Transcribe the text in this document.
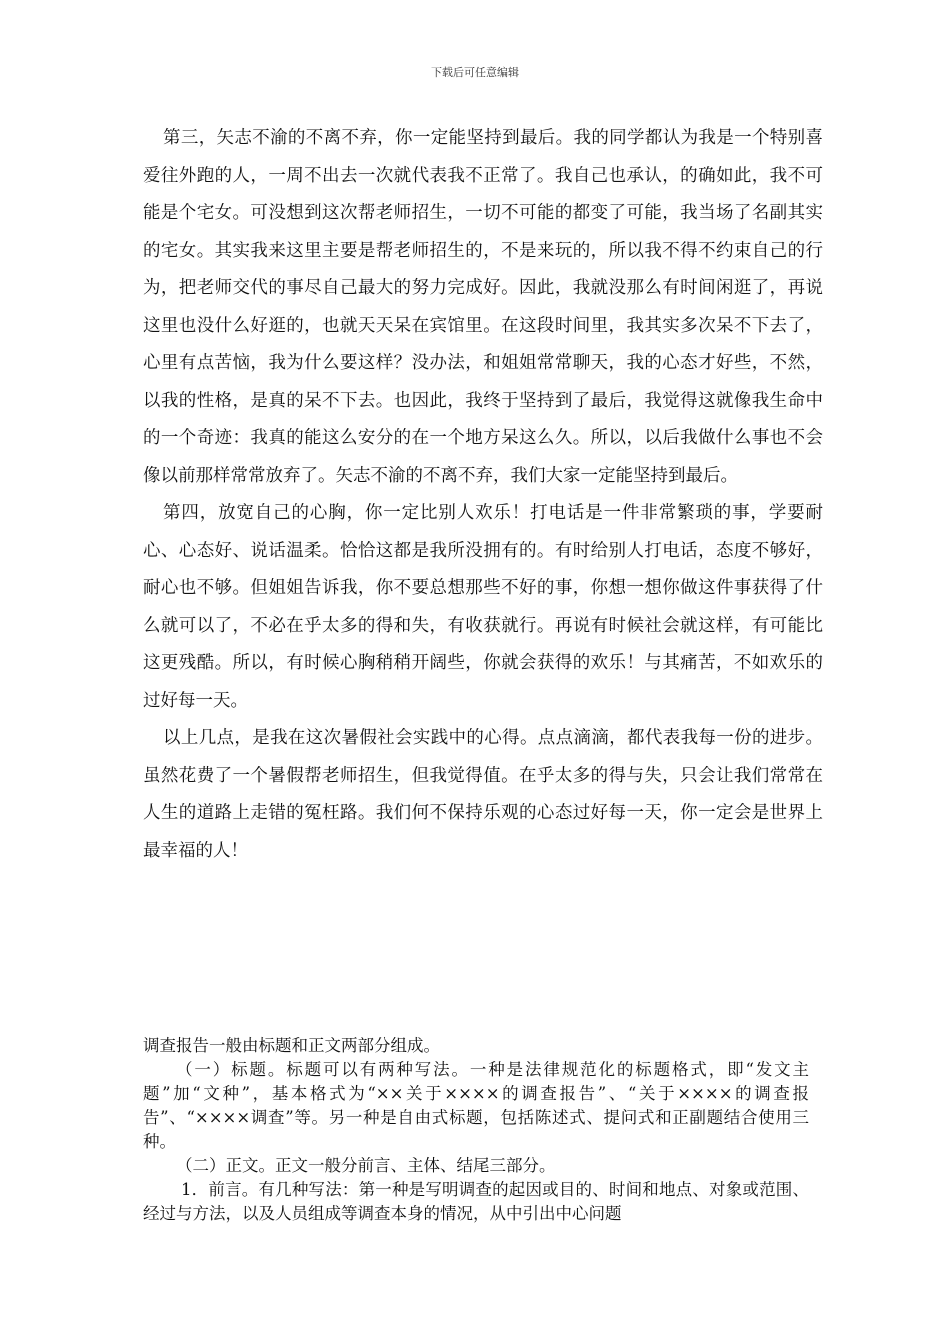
下载后可任意编辑

第三，矢志不渝的不离不弃，你一定能坚持到最后。我的同学都认为我是一个特别喜爱往外跑的人，一周不出去一次就代表我不正常了。我自己也承认，的确如此，我不可能是个宅女。可没想到这次帮老师招生，一切不可能的都变了可能，我当场了名副其实的宅女。其实我来这里主要是帮老师招生的，不是来玩的，所以我不得不约束自己的行为，把老师交代的事尽自己最大的努力完成好。因此，我就没那么有时间闲逛了，再说这里也没什么好逛的，也就天天呆在宾馆里。在这段时间里，我其实多次呆不下去了，心里有点苦恼，我为什么要这样？没办法，和姐姐常常聊天，我的心态才好些，不然，以我的性格，是真的呆不下去。也因此，我终于坚持到了最后，我觉得这就像我生命中的一个奇迹：我真的能这么安分的在一个地方呆这么久。所以，以后我做什么事也不会像以前那样常常放弃了。矢志不渝的不离不弃，我们大家一定能坚持到最后。

第四，放宽自己的心胸，你一定比别人欢乐！打电话是一件非常繁琐的事，学要耐心、心态好、说话温柔。恰恰这都是我所没拥有的。有时给别人打电话，态度不够好，耐心也不够。但姐姐告诉我，你不要总想那些不好的事，你想一想你做这件事获得了什么就可以了，不必在乎太多的得和失，有收获就行。再说有时候社会就这样，有可能比这更残酷。所以，有时候心胸稍稍开阔些，你就会获得的欢乐！与其痛苦，不如欢乐的过好每一天。

以上几点，是我在这次暑假社会实践中的心得。点点滴滴，都代表我每一份的进步。虽然花费了一个暑假帮老师招生，但我觉得值。在乎太多的得与失，只会让我们常常在人生的道路上走错的冤枉路。我们何不保持乐观的心态过好每一天，你一定会是世界上最幸福的人！

调查报告一般由标题和正文两部分组成。

（一）标题。标题可以有两种写法。一种是法律规范化的标题格式，即“发文主题”加“文种”，基本格式为“××关于××××的调查报告”、“关于××××的调查报告”、“××××调查”等。另一种是自由式标题，包括陈述式、提问式和正副题结合使用三种。

（二）正文。正文一般分前言、主体、结尾三部分。

1．前言。有几种写法：第一种是写明调查的起因或目的、时间和地点、对象或范围、经过与方法，以及人员组成等调查本身的情况，从中引出中心问题
